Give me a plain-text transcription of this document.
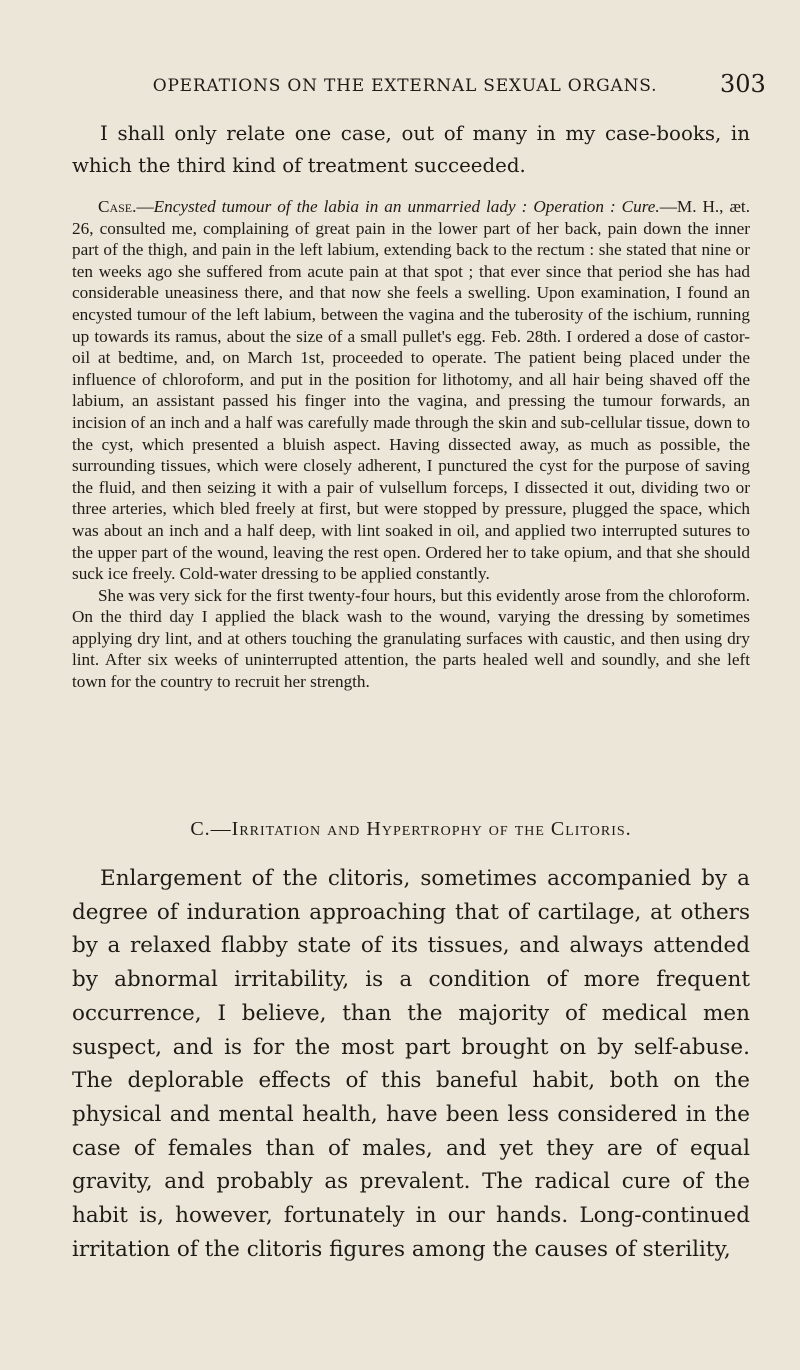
OPERATIONS ON THE EXTERNAL SEXUAL ORGANS.	303

I shall only relate one case, out of many in my case-books, in which the third kind of treatment succeeded.

Case.—Encysted tumour of the labia in an unmarried lady : Operation : Cure.—M. H., æt. 26, consulted me, complaining of great pain in the lower part of her back, pain down the inner part of the thigh, and pain in the left labium, extending back to the rectum : she stated that nine or ten weeks ago she suffered from acute pain at that spot ; that ever since that period she has had considerable uneasiness there, and that now she feels a swelling. Upon examination, I found an encysted tumour of the left labium, between the vagina and the tuberosity of the ischium, running up towards its ramus, about the size of a small pullet's egg. Feb. 28th. I ordered a dose of castor-oil at bedtime, and, on March 1st, proceeded to operate. The patient being placed under the influence of chloroform, and put in the position for lithotomy, and all hair being shaved off the labium, an assistant passed his finger into the vagina, and pressing the tumour forwards, an incision of an inch and a half was carefully made through the skin and sub-cellular tissue, down to the cyst, which presented a bluish aspect. Having dissected away, as much as possible, the surrounding tissues, which were closely adherent, I punctured the cyst for the purpose of saving the fluid, and then seizing it with a pair of vulsellum forceps, I dissected it out, dividing two or three arteries, which bled freely at first, but were stopped by pressure, plugged the space, which was about an inch and a half deep, with lint soaked in oil, and applied two interrupted sutures to the upper part of the wound, leaving the rest open. Ordered her to take opium, and that she should suck ice freely. Cold-water dressing to be applied constantly.

She was very sick for the first twenty-four hours, but this evidently arose from the chloroform. On the third day I applied the black wash to the wound, varying the dressing by sometimes applying dry lint, and at others touching the granulating surfaces with caustic, and then using dry lint. After six weeks of uninterrupted attention, the parts healed well and soundly, and she left town for the country to recruit her strength.

C.—Irritation and Hypertrophy of the Clitoris.

Enlargement of the clitoris, sometimes accompanied by a degree of induration approaching that of cartilage, at others by a relaxed flabby state of its tissues, and always attended by abnormal irritability, is a condition of more frequent occurrence, I believe, than the majority of medical men suspect, and is for the most part brought on by self-abuse. The deplorable effects of this baneful habit, both on the physical and mental health, have been less considered in the case of females than of males, and yet they are of equal gravity, and probably as prevalent. The radical cure of the habit is, however, fortunately in our hands. Long-continued irritation of the clitoris figures among the causes of sterility,
